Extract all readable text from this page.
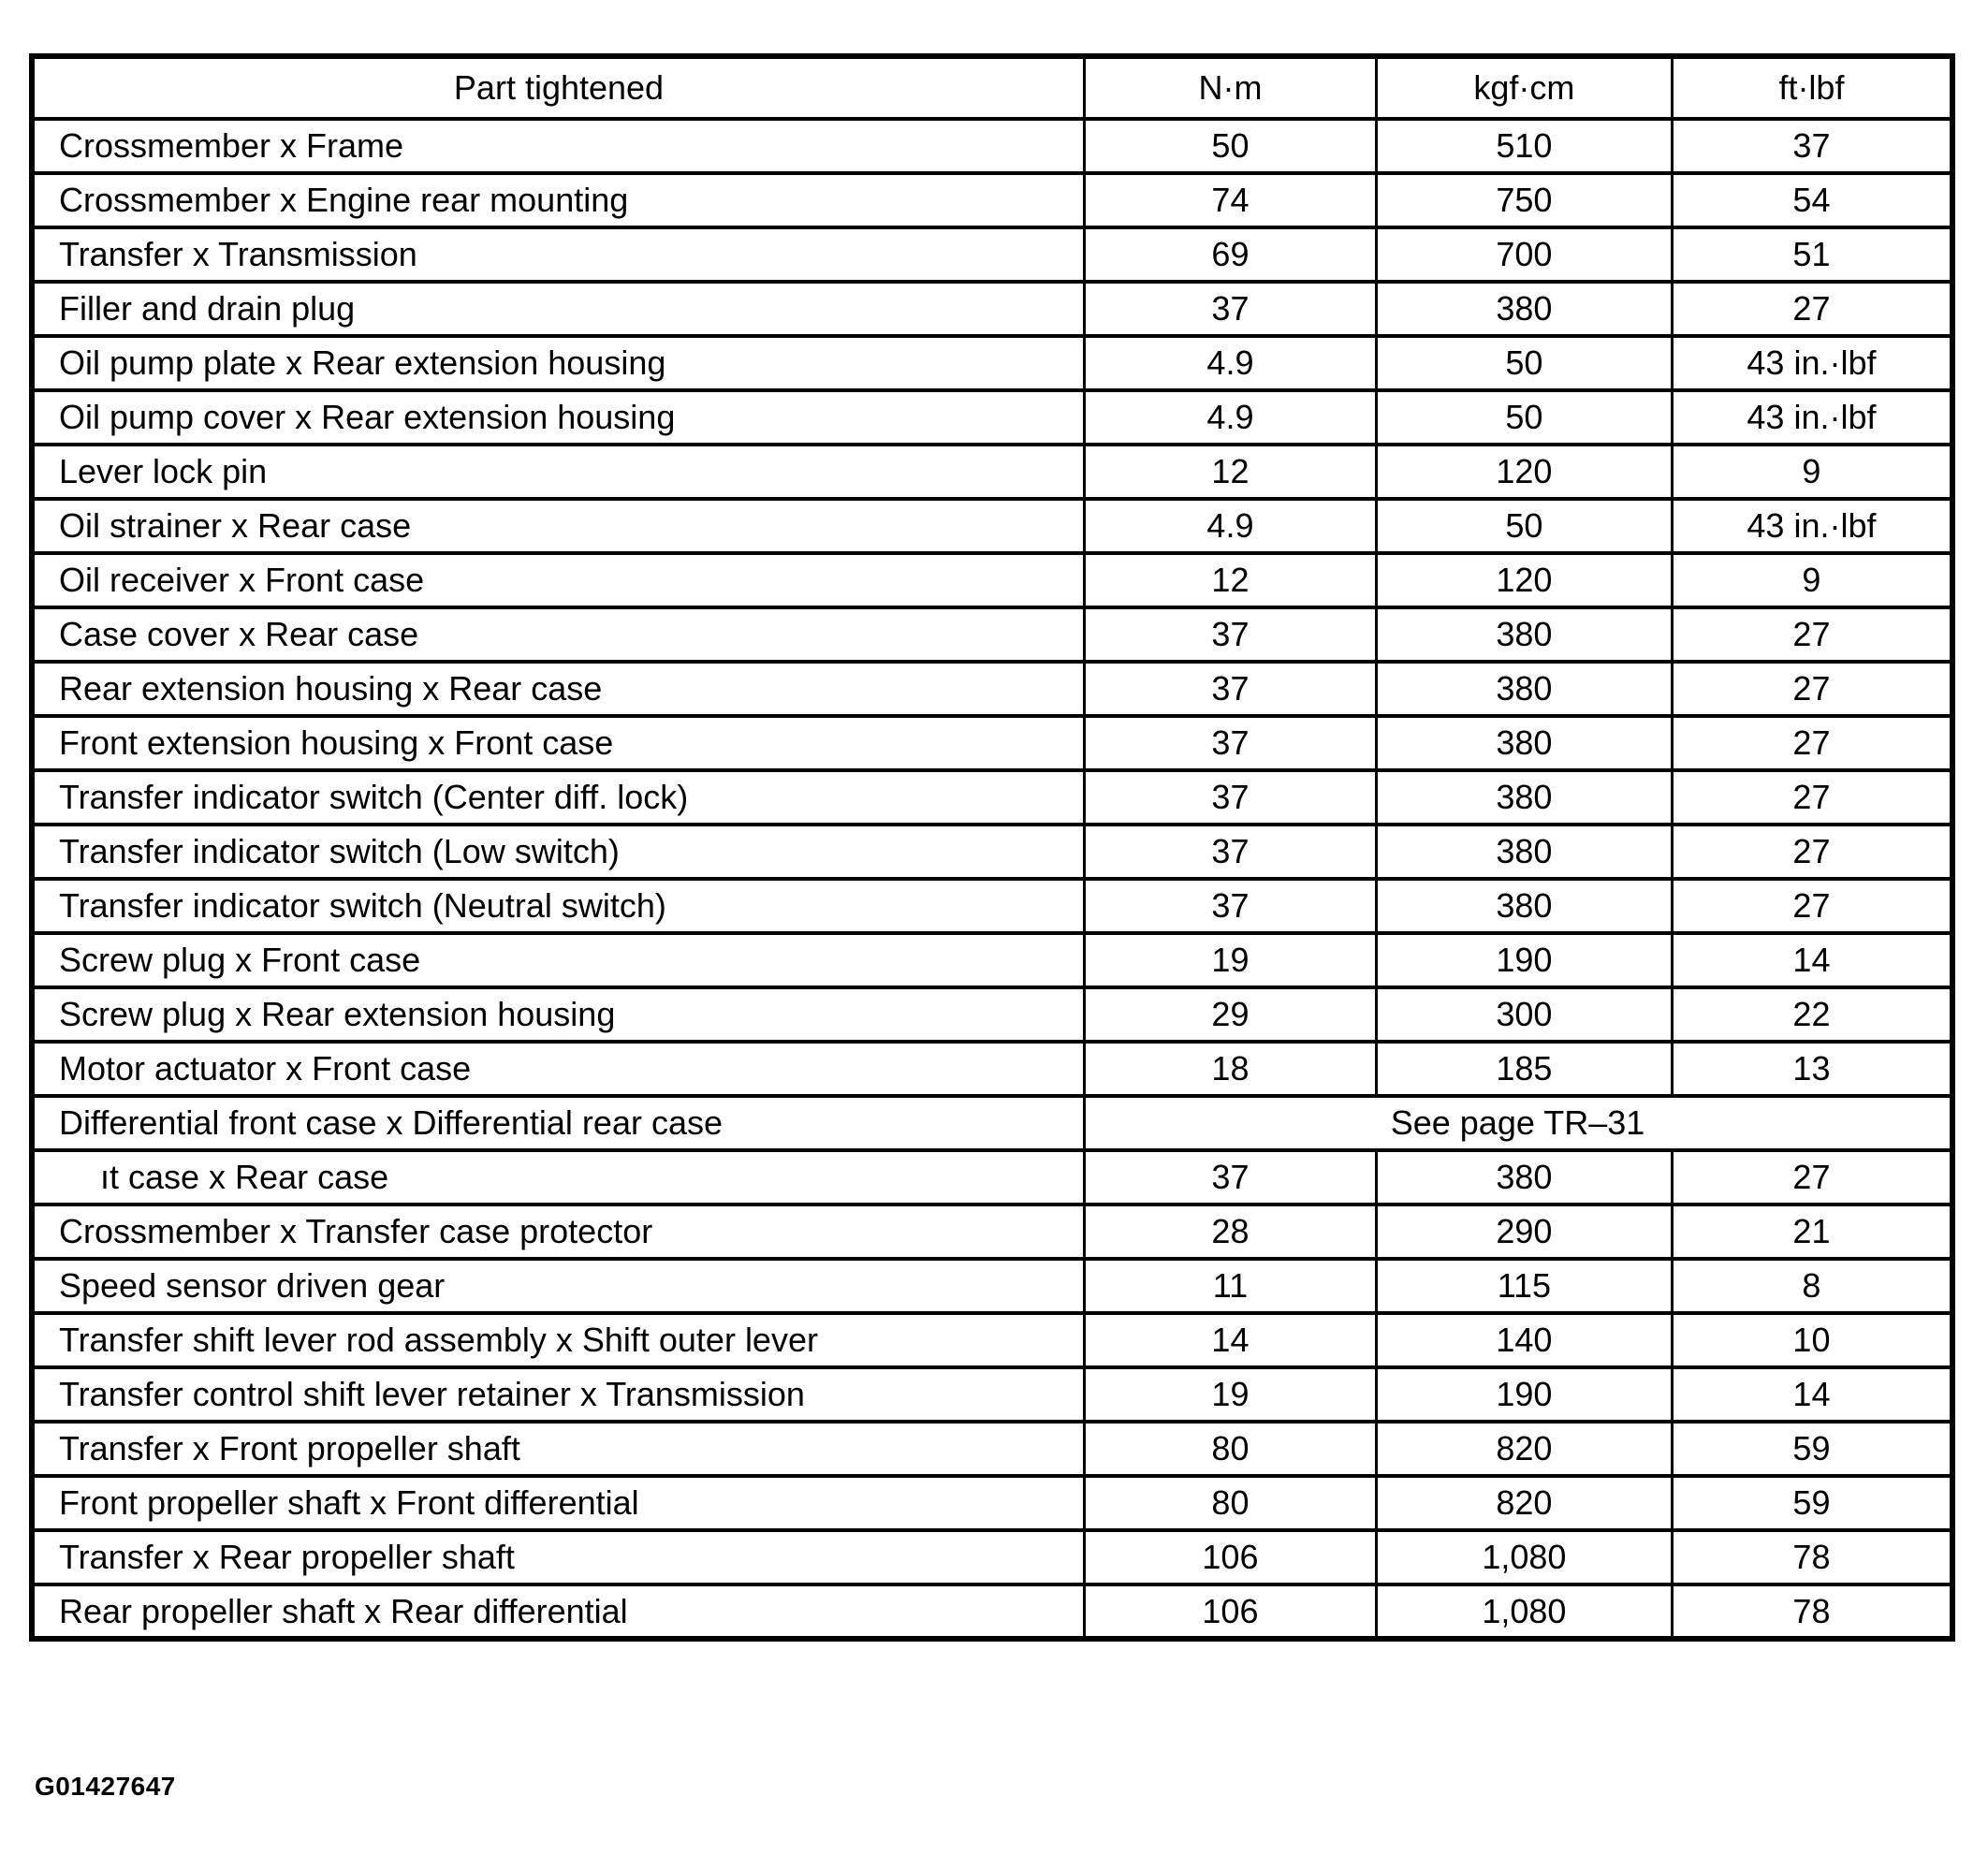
Part tightened	N·m	kgf·cm	ft·lbf
Crossmember x Frame	50	510	37
Crossmember x Engine rear mounting	74	750	54
Transfer x Transmission	69	700	51
Filler and drain plug	37	380	27
Oil pump plate x Rear extension housing	4.9	50	43 in.·lbf
Oil pump cover x Rear extension housing	4.9	50	43 in.·lbf
Lever lock pin	12	120	9
Oil strainer x Rear case	4.9	50	43 in.·lbf
Oil receiver x Front case	12	120	9
Case cover x Rear case	37	380	27
Rear extension housing x Rear case	37	380	27
Front extension housing x Front case	37	380	27
Transfer indicator switch (Center diff. lock)	37	380	27
Transfer indicator switch (Low switch)	37	380	27
Transfer indicator switch (Neutral switch)	37	380	27
Screw plug x Front case	19	190	14
Screw plug x Rear extension housing	29	300	22
Motor actuator x Front case	18	185	13
Differential front case x Differential rear case	See page TR–31		
ıt case x Rear case	37	380	27
Crossmember x Transfer case protector	28	290	21
Speed sensor driven gear	11	115	8
Transfer shift lever rod assembly x Shift outer lever	14	140	10
Transfer control shift lever retainer x Transmission	19	190	14
Transfer x Front propeller shaft	80	820	59
Front propeller shaft x Front differential	80	820	59
Transfer x Rear propeller shaft	106	1,080	78
Rear propeller shaft x Rear differential	106	1,080	78
G01427647
